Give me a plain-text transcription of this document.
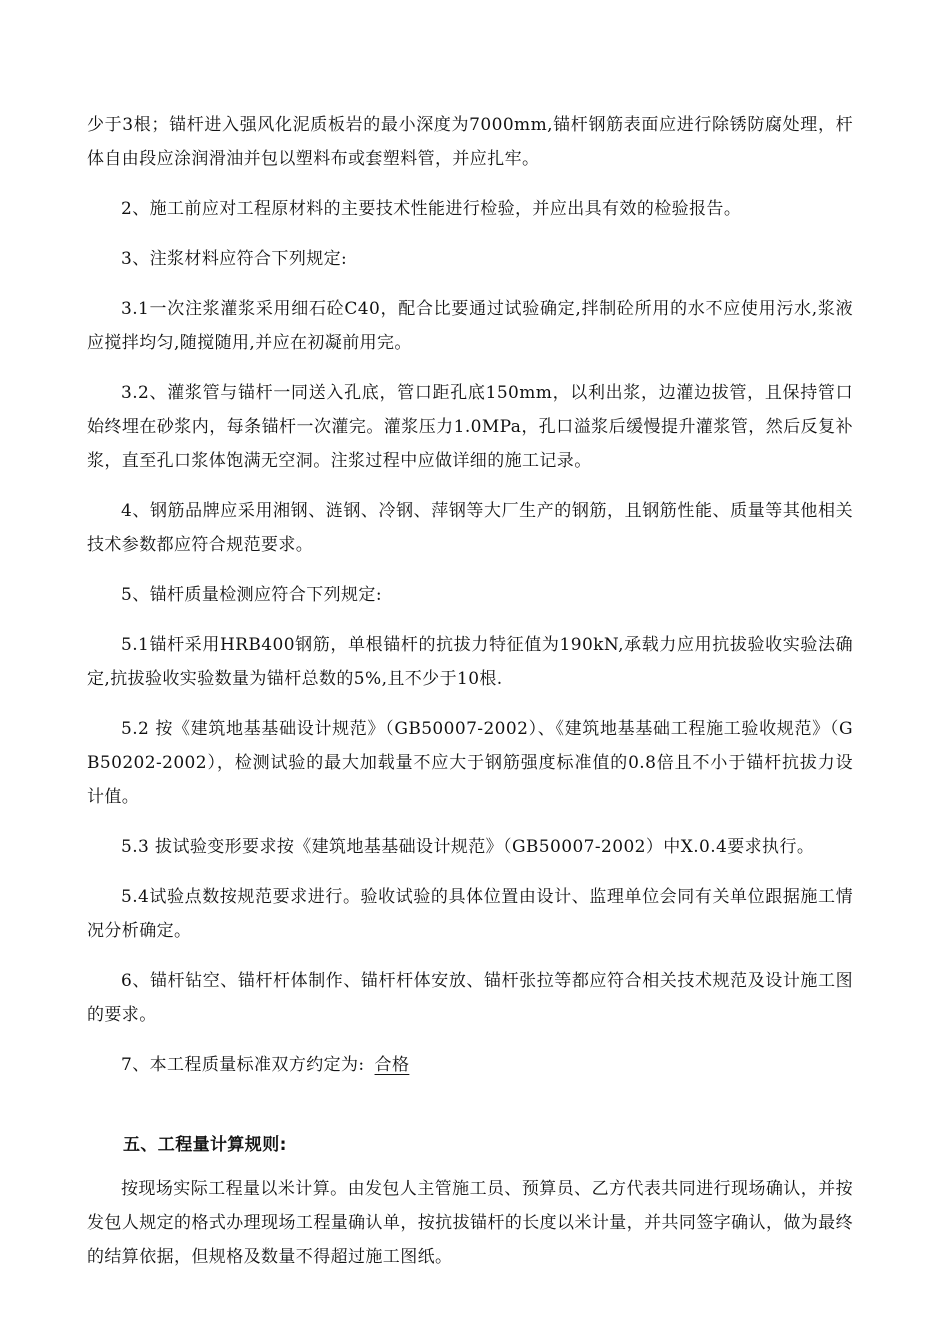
少于3根；锚杆进入强风化泥质板岩的最小深度为7000mm,锚杆钢筋表面应进行除锈防腐处理，杆体自由段应涂润滑油并包以塑料布或套塑料管，并应扎牢。

2、施工前应对工程原材料的主要技术性能进行检验，并应出具有效的检验报告。

3、注浆材料应符合下列规定:

3.1一次注浆灌浆采用细石砼C40，配合比要通过试验确定,拌制砼所用的水不应使用污水,浆液应搅拌均匀,随搅随用,并应在初凝前用完。

3.2、灌浆管与锚杆一同送入孔底，管口距孔底150mm，以利出浆，边灌边拔管，且保持管口始终埋在砂浆内，每条锚杆一次灌完。灌浆压力1.0MPa，孔口溢浆后缓慢提升灌浆管，然后反复补浆，直至孔口浆体饱满无空洞。注浆过程中应做详细的施工记录。

4、钢筋品牌应采用湘钢、涟钢、冷钢、萍钢等大厂生产的钢筋，且钢筋性能、质量等其他相关技术参数都应符合规范要求。

5、锚杆质量检测应符合下列规定:

5.1锚杆采用HRB400钢筋，单根锚杆的抗拔力特征值为190kN,承载力应用抗拔验收实验法确定,抗拔验收实验数量为锚杆总数的5%,且不少于10根.

5.2 按《建筑地基基础设计规范》（GB50007-2002）、《建筑地基基础工程施工验收规范》（GB50202-2002），检测试验的最大加载量不应大于钢筋强度标准值的0.8倍且不小于锚杆抗拔力设计值。

5.3 拔试验变形要求按《建筑地基基础设计规范》（GB50007-2002）中X.0.4要求执行。

5.4试验点数按规范要求进行。验收试验的具体位置由设计、监理单位会同有关单位跟据施工情况分析确定。

6、锚杆钻空、锚杆杆体制作、锚杆杆体安放、锚杆张拉等都应符合相关技术规范及设计施工图的要求。

7、本工程质量标准双方约定为: 合格

五、工程量计算规则:

按现场实际工程量以米计算。由发包人主管施工员、预算员、乙方代表共同进行现场确认，并按发包人规定的格式办理现场工程量确认单，按抗拔锚杆的长度以米计量，并共同签字确认，做为最终的结算依据，但规格及数量不得超过施工图纸。
